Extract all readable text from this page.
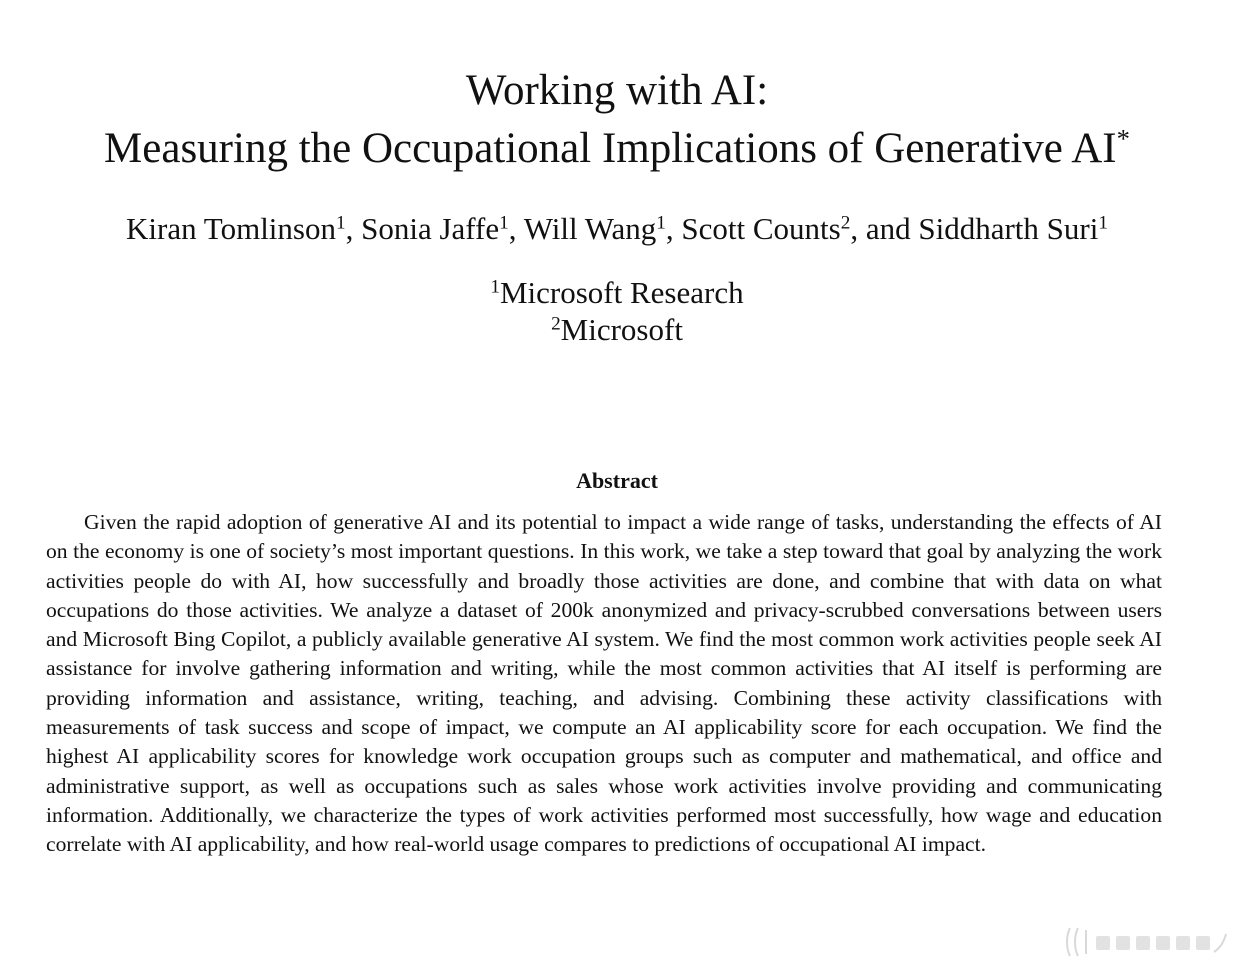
Working with AI:
Measuring the Occupational Implications of Generative AI*
Kiran Tomlinson$^1$, Sonia Jaffe$^1$, Will Wang$^1$, Scott Counts$^2$, and Siddharth Suri$^1$
$^1$Microsoft Research
$^2$Microsoft
Abstract
Given the rapid adoption of generative AI and its potential to impact a wide range of tasks, understanding the effects of AI on the economy is one of society’s most important questions. In this work, we take a step toward that goal by analyzing the work activities people do with AI, how successfully and broadly those activities are done, and combine that with data on what occupations do those activities. We analyze a dataset of 200k anonymized and privacy-scrubbed conversations between users and Microsoft Bing Copilot, a publicly available generative AI system. We find the most common work activities people seek AI assistance for involve gathering information and writing, while the most common activities that AI itself is performing are providing information and assistance, writing, teaching, and advising. Combining these activity classifications with measurements of task success and scope of impact, we compute an AI applicability score for each occupation. We find the highest AI applicability scores for knowledge work occupation groups such as computer and mathematical, and office and administrative support, as well as occupations such as sales whose work activities involve providing and communicating information. Additionally, we characterize the types of work activities performed most successfully, how wage and education correlate with AI applicability, and how real-world usage compares to predictions of occupational AI impact.
